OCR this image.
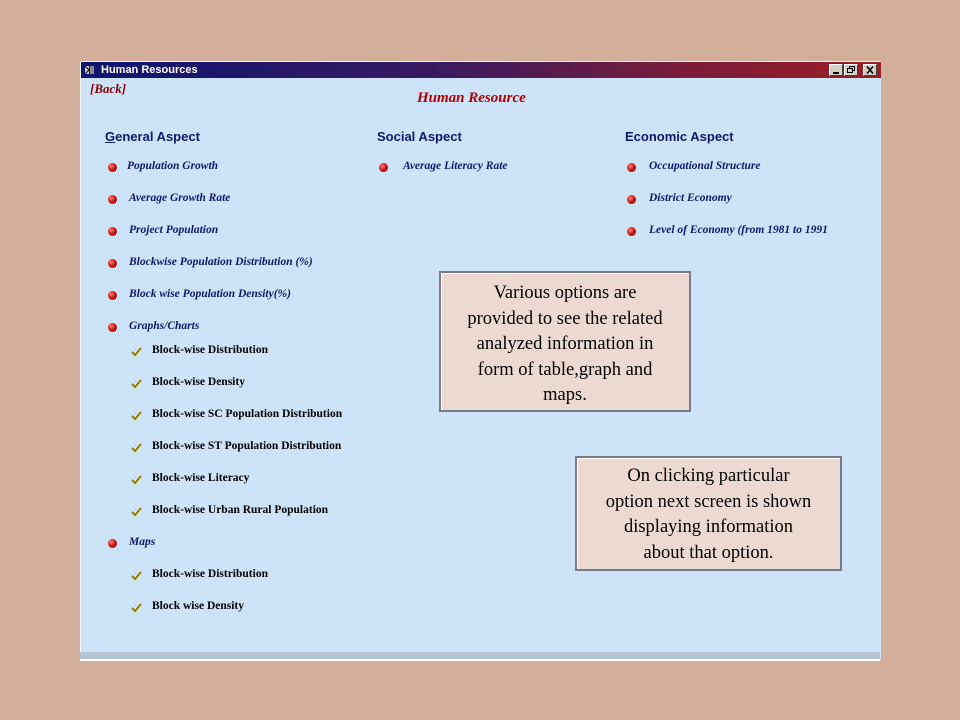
Human Resources
[Back]
Human Resource
General Aspect	Social Aspect	Economic Aspect
Population Growth
Average Growth Rate
Project Population
Blockwise Population Distribution (%)
Block wise Population Density(%)
Graphs/Charts
Block-wise Distribution
Block-wise Density
Block-wise SC Population Distribution
Block-wise ST Population Distribution
Block-wise Literacy
Block-wise Urban Rural Population
Maps
Block-wise Distribution
Block wise Density
Average Literacy Rate	Occupational Structure
District Economy
Level of Economy (from 1981 to 1991
Various options are
provided to see the related
analyzed information in
form of table,graph and
maps.
On clicking particular
option next screen is shown
displaying information
about that option.
